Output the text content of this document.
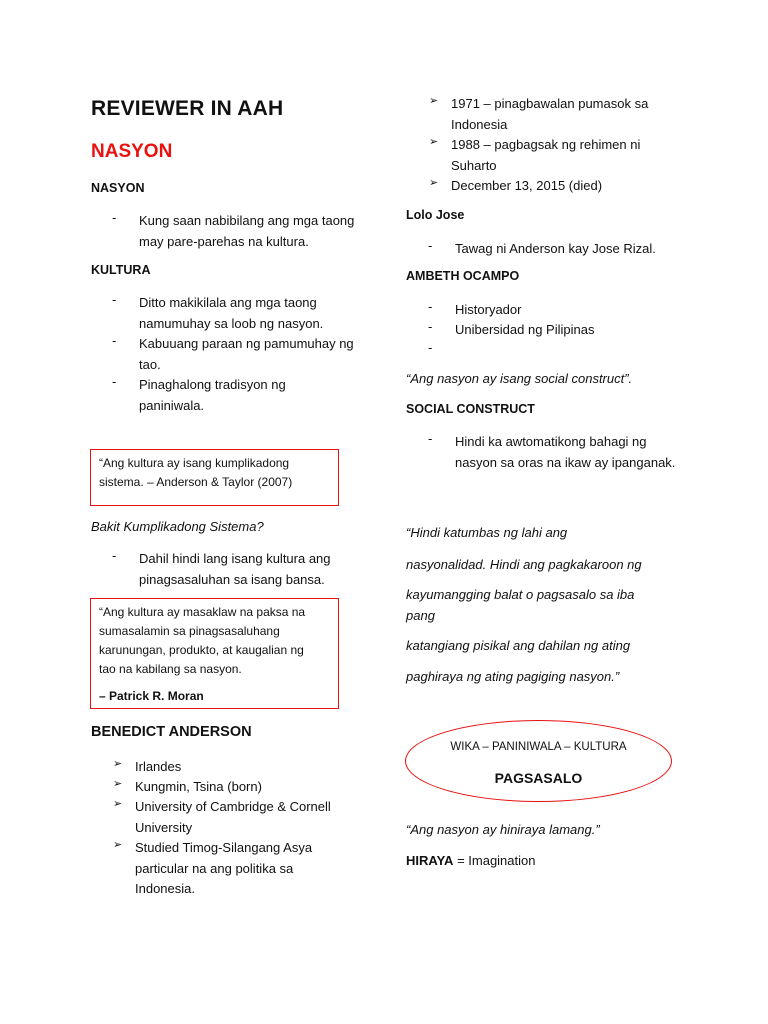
REVIEWER IN AAH
NASYON
NASYON
- Kung saan nabibilang ang mga taong may pare-parehas na kultura.
KULTURA
- Ditto makikilala ang mga taong namumuhay sa loob ng nasyon.
- Kabuuang paraan ng pamumuhay ng tao.
- Pinaghalong tradisyon ng paniniwala.
“Ang kultura ay isang kumplikadong
sistema. – Anderson & Taylor (2007)
Bakit Kumplikadong Sistema?
- Dahil hindi lang isang kultura ang pinagsasaluhan sa isang bansa.
“Ang kultura ay masaklaw na paksa na
sumasalamin sa pinagsasaluhang
karunungan, produkto, at kaugalian ng
tao na kabilang sa nasyon.
– Patrick R. Moran
BENEDICT ANDERSON
➢ Irlandes
➢ Kungmin, Tsina (born)
➢ University of Cambridge & Cornell University
➢ Studied Timog-Silangang Asya particular na ang politika sa Indonesia.
➢ 1971 – pinagbawalan pumasok sa Indonesia
➢ 1988 – pagbagsak ng rehimen ni Suharto
➢ December 13, 2015 (died)
Lolo Jose
- Tawag ni Anderson kay Jose Rizal.
AMBETH OCAMPO
- Historyador
- Unibersidad ng Pilipinas
-
“Ang nasyon ay isang social construct”.
SOCIAL CONSTRUCT
- Hindi ka awtomatikong bahagi ng nasyon sa oras na ikaw ay ipanganak.
“Hindi katumbas ng lahi ang
nasyonalidad. Hindi ang pagkakaroon ng
kayumangging balat o pagsasalo sa iba
pang
katangiang pisikal ang dahilan ng ating
paghiraya ng ating pagiging nasyon.”
WIKA – PANINIWALA – KULTURA
PAGSASALO
“Ang nasyon ay hiniraya lamang.”
HIRAYA = Imagination
